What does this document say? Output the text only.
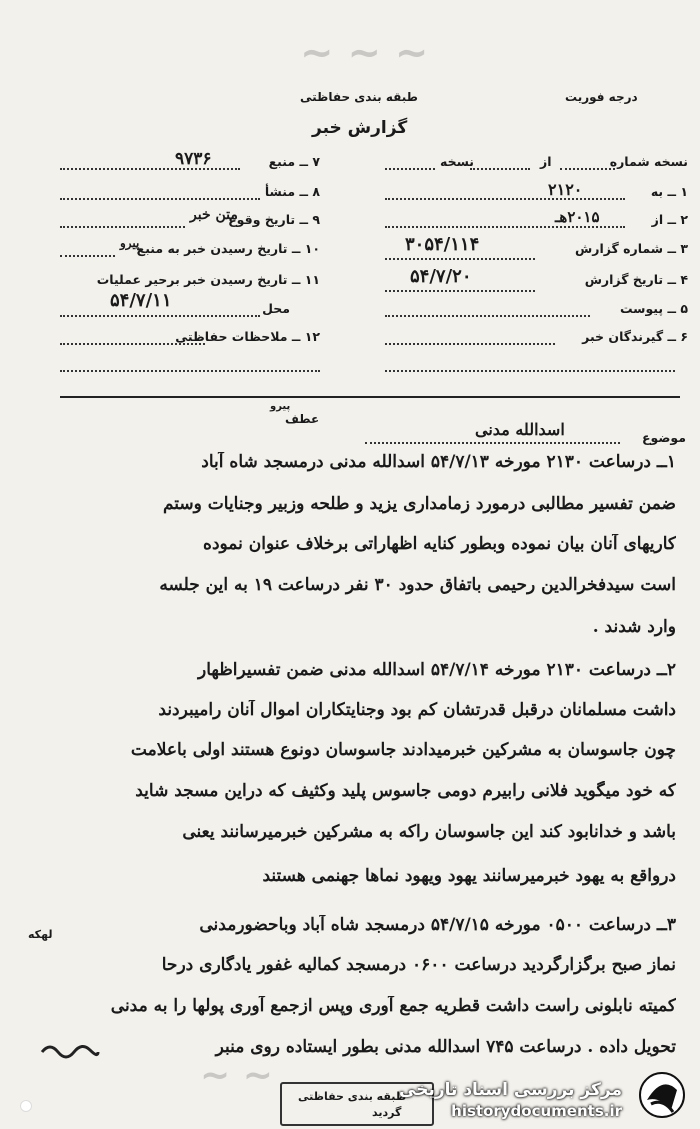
~ ~ ~
درجه فوریت
طبقه بندی حفاظتی
گزارش خبر
نسخه شماره
از
نسخه
۱ ــ به
۲۱۲۰
۲ ــ از
۲۰۱۵هـ
۳ ــ شماره گزارش
۳۰۵۴/۱۱۴
۴ ــ تاریخ گزارش
۵۴/۷/۲۰
۵ ــ پیوست
۶ ــ گیرندگان خبر
۷ ــ منبع
۹۷۳۶
۸ ــ منشأ
۹ ــ تاریخ وقوع
متن خبر
۱۰ ــ تاریخ رسیدن خبر به منبع
پیرو
۱۱ ــ تاریخ رسیدن خبر برحیر عملیات
محل
۵۴/۷/۱۱
۱۲ ــ ملاحظات حفاظتی
عطف
پیرو
موضوع
اسدالله مدنی
۱ــ درساعت ۲۱۳۰ مورخه ۵۴/۷/۱۳ اسدالله مدنی درمسجد شاه آباد
ضمن تفسیر مطالبی درمورد زمامداری یزید و طلحه وزبیر وجنایات وستم
کاریهای آنان بیان نموده وبطور کنایه اظهاراتی برخلاف عنوان نموده
است سیدفخرالدین رحیمی باتفاق حدود ۳۰ نفر درساعت ۱۹ به این جلسه
وارد شدند .
۲ــ درساعت ۲۱۳۰ مورخه ۵۴/۷/۱۴ اسدالله مدنی ضمن تفسیراظهار
داشت مسلمانان درقبل قدرتشان کم بود وجنایتکاران اموال آنان رامیبردند
چون جاسوسان به مشرکین خبرمیدادند جاسوسان دونوع هستند اولی باعلامت
که خود میگوید فلانی رابیرم دومی جاسوس پلید وکثیف که دراین مسجد شاید
باشد و خدانابود کند این جاسوسان راکه به مشرکین خبرمیرسانند یعنی
درواقع به یهود خبرمیرسانند یهود ویهود نماها جهنمی هستند
۳ــ درساعت ۰۵۰۰ مورخه ۵۴/۷/۱۵ درمسجد شاه آباد وباحضورمدنی
لهکه
نماز صبح برگزارگردید درساعت ۰۶۰۰ درمسجد کمالیه غفور یادگاری درحا
کمیته نابلونی راست داشت قطریه جمع آوری وپس ازجمع آوری پولها را به مدنی
تحویل داده . درساعت ۷۴۵ اسدالله مدنی بطور ایستاده روی منبر
~ ~
طبقه بندی حفاظتی
گردید
مرکز بررسی اسناد تاریخی
historydocuments.ir
